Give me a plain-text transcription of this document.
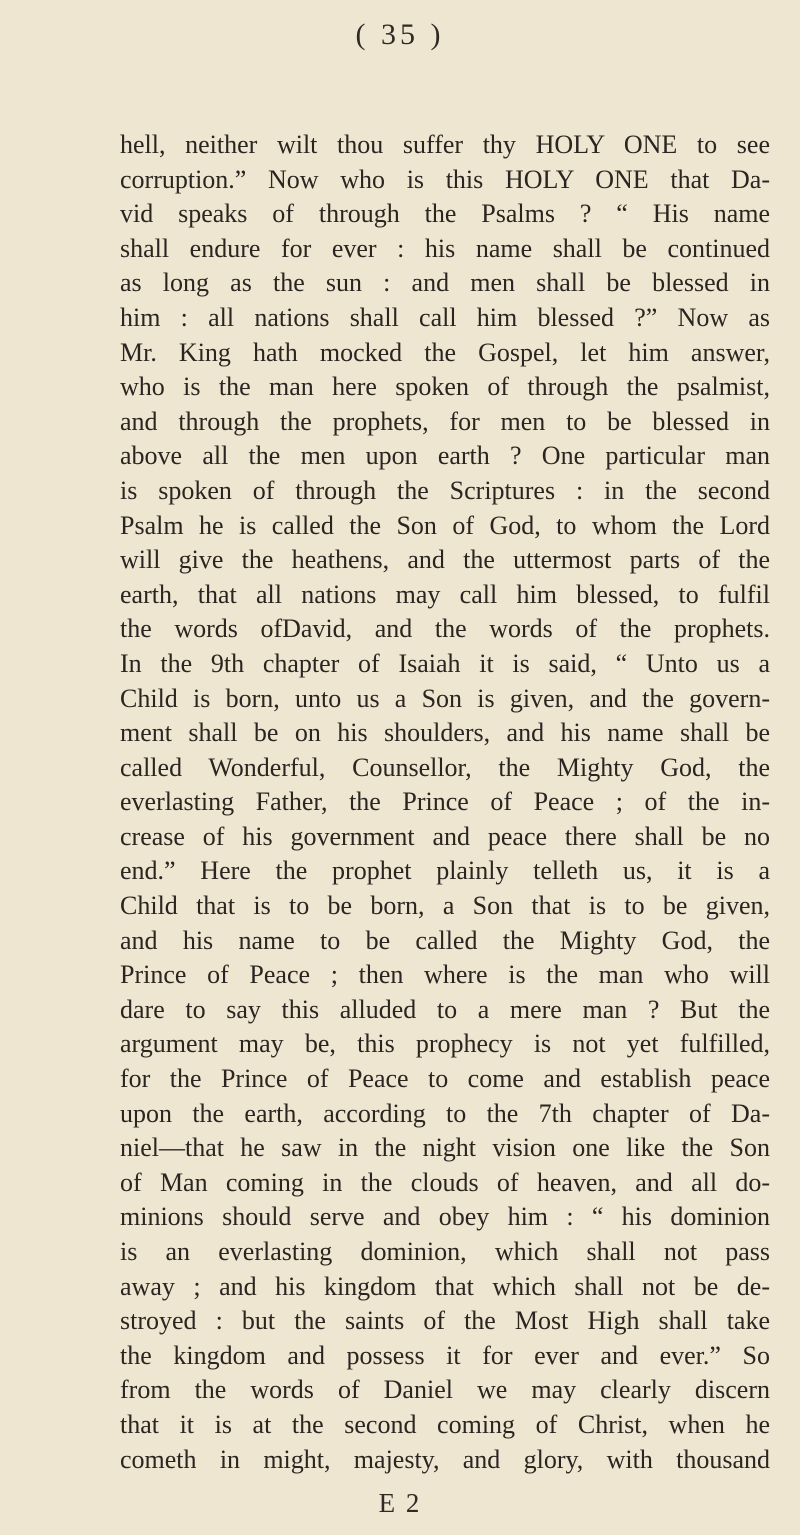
( 35 )
hell, neither wilt thou suffer thy HOLY ONE to see
corruption.” Now who is this HOLY ONE that Da-
vid speaks of through the Psalms ? “ His name
shall endure for ever : his name shall be continued
as long as the sun : and men shall be blessed in
him : all nations shall call him blessed ?” Now as
Mr. King hath mocked the Gospel, let him answer,
who is the man here spoken of through the psalmist,
and through the prophets, for men to be blessed in
above all the men upon earth ? One particular man
is spoken of through the Scriptures : in the second
Psalm he is called the Son of God, to whom the Lord
will give the heathens, and the uttermost parts of the
earth, that all nations may call him blessed, to fulfil
the words ofDavid, and the words of the prophets.
In the 9th chapter of Isaiah it is said, “ Unto us a
Child is born, unto us a Son is given, and the govern-
ment shall be on his shoulders, and his name shall be
called Wonderful, Counsellor, the Mighty God, the
everlasting Father, the Prince of Peace ; of the in-
crease of his government and peace there shall be no
end.” Here the prophet plainly telleth us, it is a
Child that is to be born, a Son that is to be given,
and his name to be called the Mighty God, the
Prince of Peace ; then where is the man who will
dare to say this alluded to a mere man ? But the
argument may be, this prophecy is not yet fulfilled,
for the Prince of Peace to come and establish peace
upon the earth, according to the 7th chapter of Da-
niel—that he saw in the night vision one like the Son
of Man coming in the clouds of heaven, and all do-
minions should serve and obey him : “ his dominion
is an everlasting dominion, which shall not pass
away ; and his kingdom that which shall not be de-
stroyed : but the saints of the Most High shall take
the kingdom and possess it for ever and ever.” So
from the words of Daniel we may clearly discern
that it is at the second coming of Christ, when he
cometh in might, majesty, and glory, with thousand
E 2
